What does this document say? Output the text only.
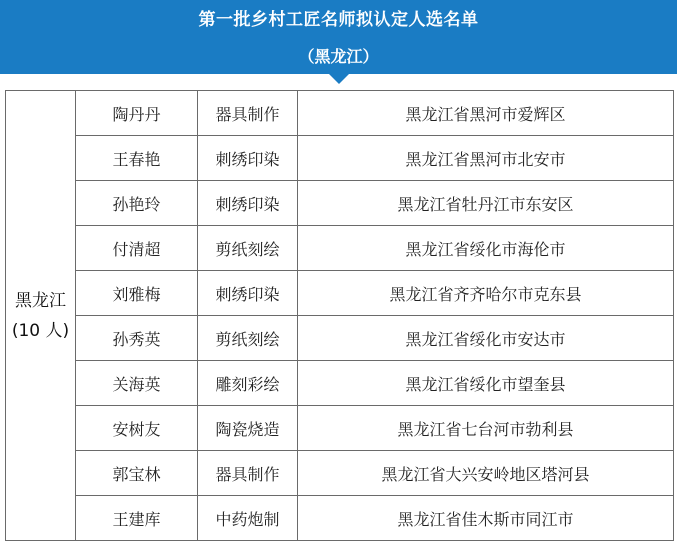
第一批乡村工匠名师拟认定人选名单
（黑龙江）
黑龙江
(10 人)	陶丹丹	器具制作	黑龙江省黑河市爱辉区
	王春艳	刺绣印染	黑龙江省黑河市北安市
	孙艳玲	刺绣印染	黑龙江省牡丹江市东安区
	付清超	剪纸刻绘	黑龙江省绥化市海伦市
	刘雅梅	刺绣印染	黑龙江省齐齐哈尔市克东县
	孙秀英	剪纸刻绘	黑龙江省绥化市安达市
	关海英	雕刻彩绘	黑龙江省绥化市望奎县
	安树友	陶瓷烧造	黑龙江省七台河市勃利县
	郭宝林	器具制作	黑龙江省大兴安岭地区塔河县
	王建库	中药炮制	黑龙江省佳木斯市同江市
